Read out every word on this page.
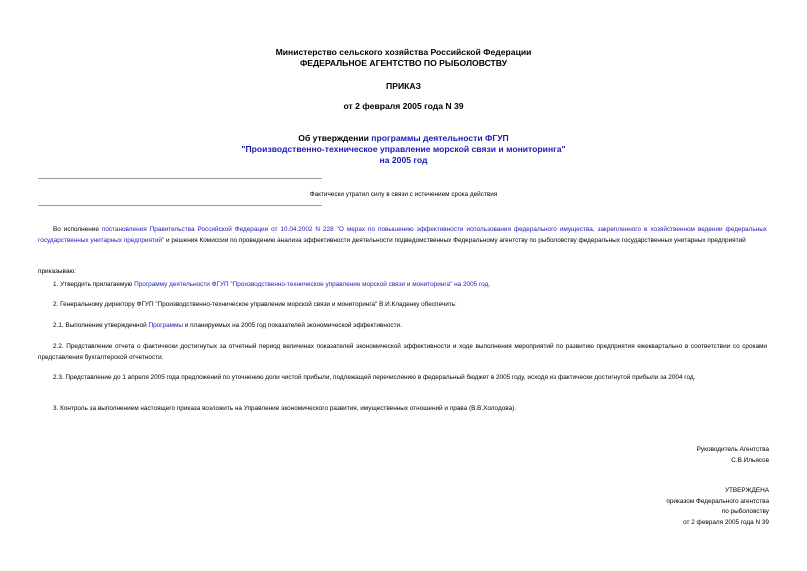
Министерство сельского хозяйства Российской Федерации
ФЕДЕРАЛЬНОЕ АГЕНТСТВО ПО РЫБОЛОВСТВУ
ПРИКАЗ
от 2 февраля 2005 года N 39
Об утверждении программы деятельности ФГУП
"Производственно-техническое управление морской связи и мониторинга"
на 2005 год
Фактически утратил силу в связи с истечением срока действия
Во исполнение постановления Правительства Российской Федерации от 10.04.2002 N 228 "О мерах по повышению эффективности использования федерального имущества, закрепленного в хозяйственном ведении федеральных государственных унитарных предприятий" и решения Комиссии по проведению анализа эффективности деятельности подведомственных Федеральному агентству по рыболовству федеральных государственных унитарных предприятий
приказываю:
1. Утвердить прилагаемую Программу деятельности ФГУП "Производственно-техническое управление морской связи и мониторинга" на 2005 год.
2. Генеральному директору ФГУП "Производственно-техническое управление морской связи и мониторинга" В.И.Кладенку обеспечить:
2.1. Выполнение утвержденной Программы и планируемых на 2005 год показателей экономической эффективности.
2.2. Представление отчета о фактически достигнутых за отчетный период величинах показателей экономической эффективности и ходе выполнения мероприятий по развитию предприятия ежеквартально в соответствии со сроками представления бухгалтерской отчетности.
2.3. Представление до 1 апреля 2005 года предложений по уточнению доли чистой прибыли, подлежащей перечислению в федеральный бюджет в 2005 году, исходя из фактически достигнутой прибыли за 2004 год.
3. Контроль за выполнением настоящего приказа возложить на Управление экономического развития, имущественных отношений и права (В.В.Холодова).
Руководитель Агентства
С.В.Ильясов
УТВЕРЖДЕНА
приказом Федерального агентства
по рыболовству
от 2 февраля 2005 года N 39
